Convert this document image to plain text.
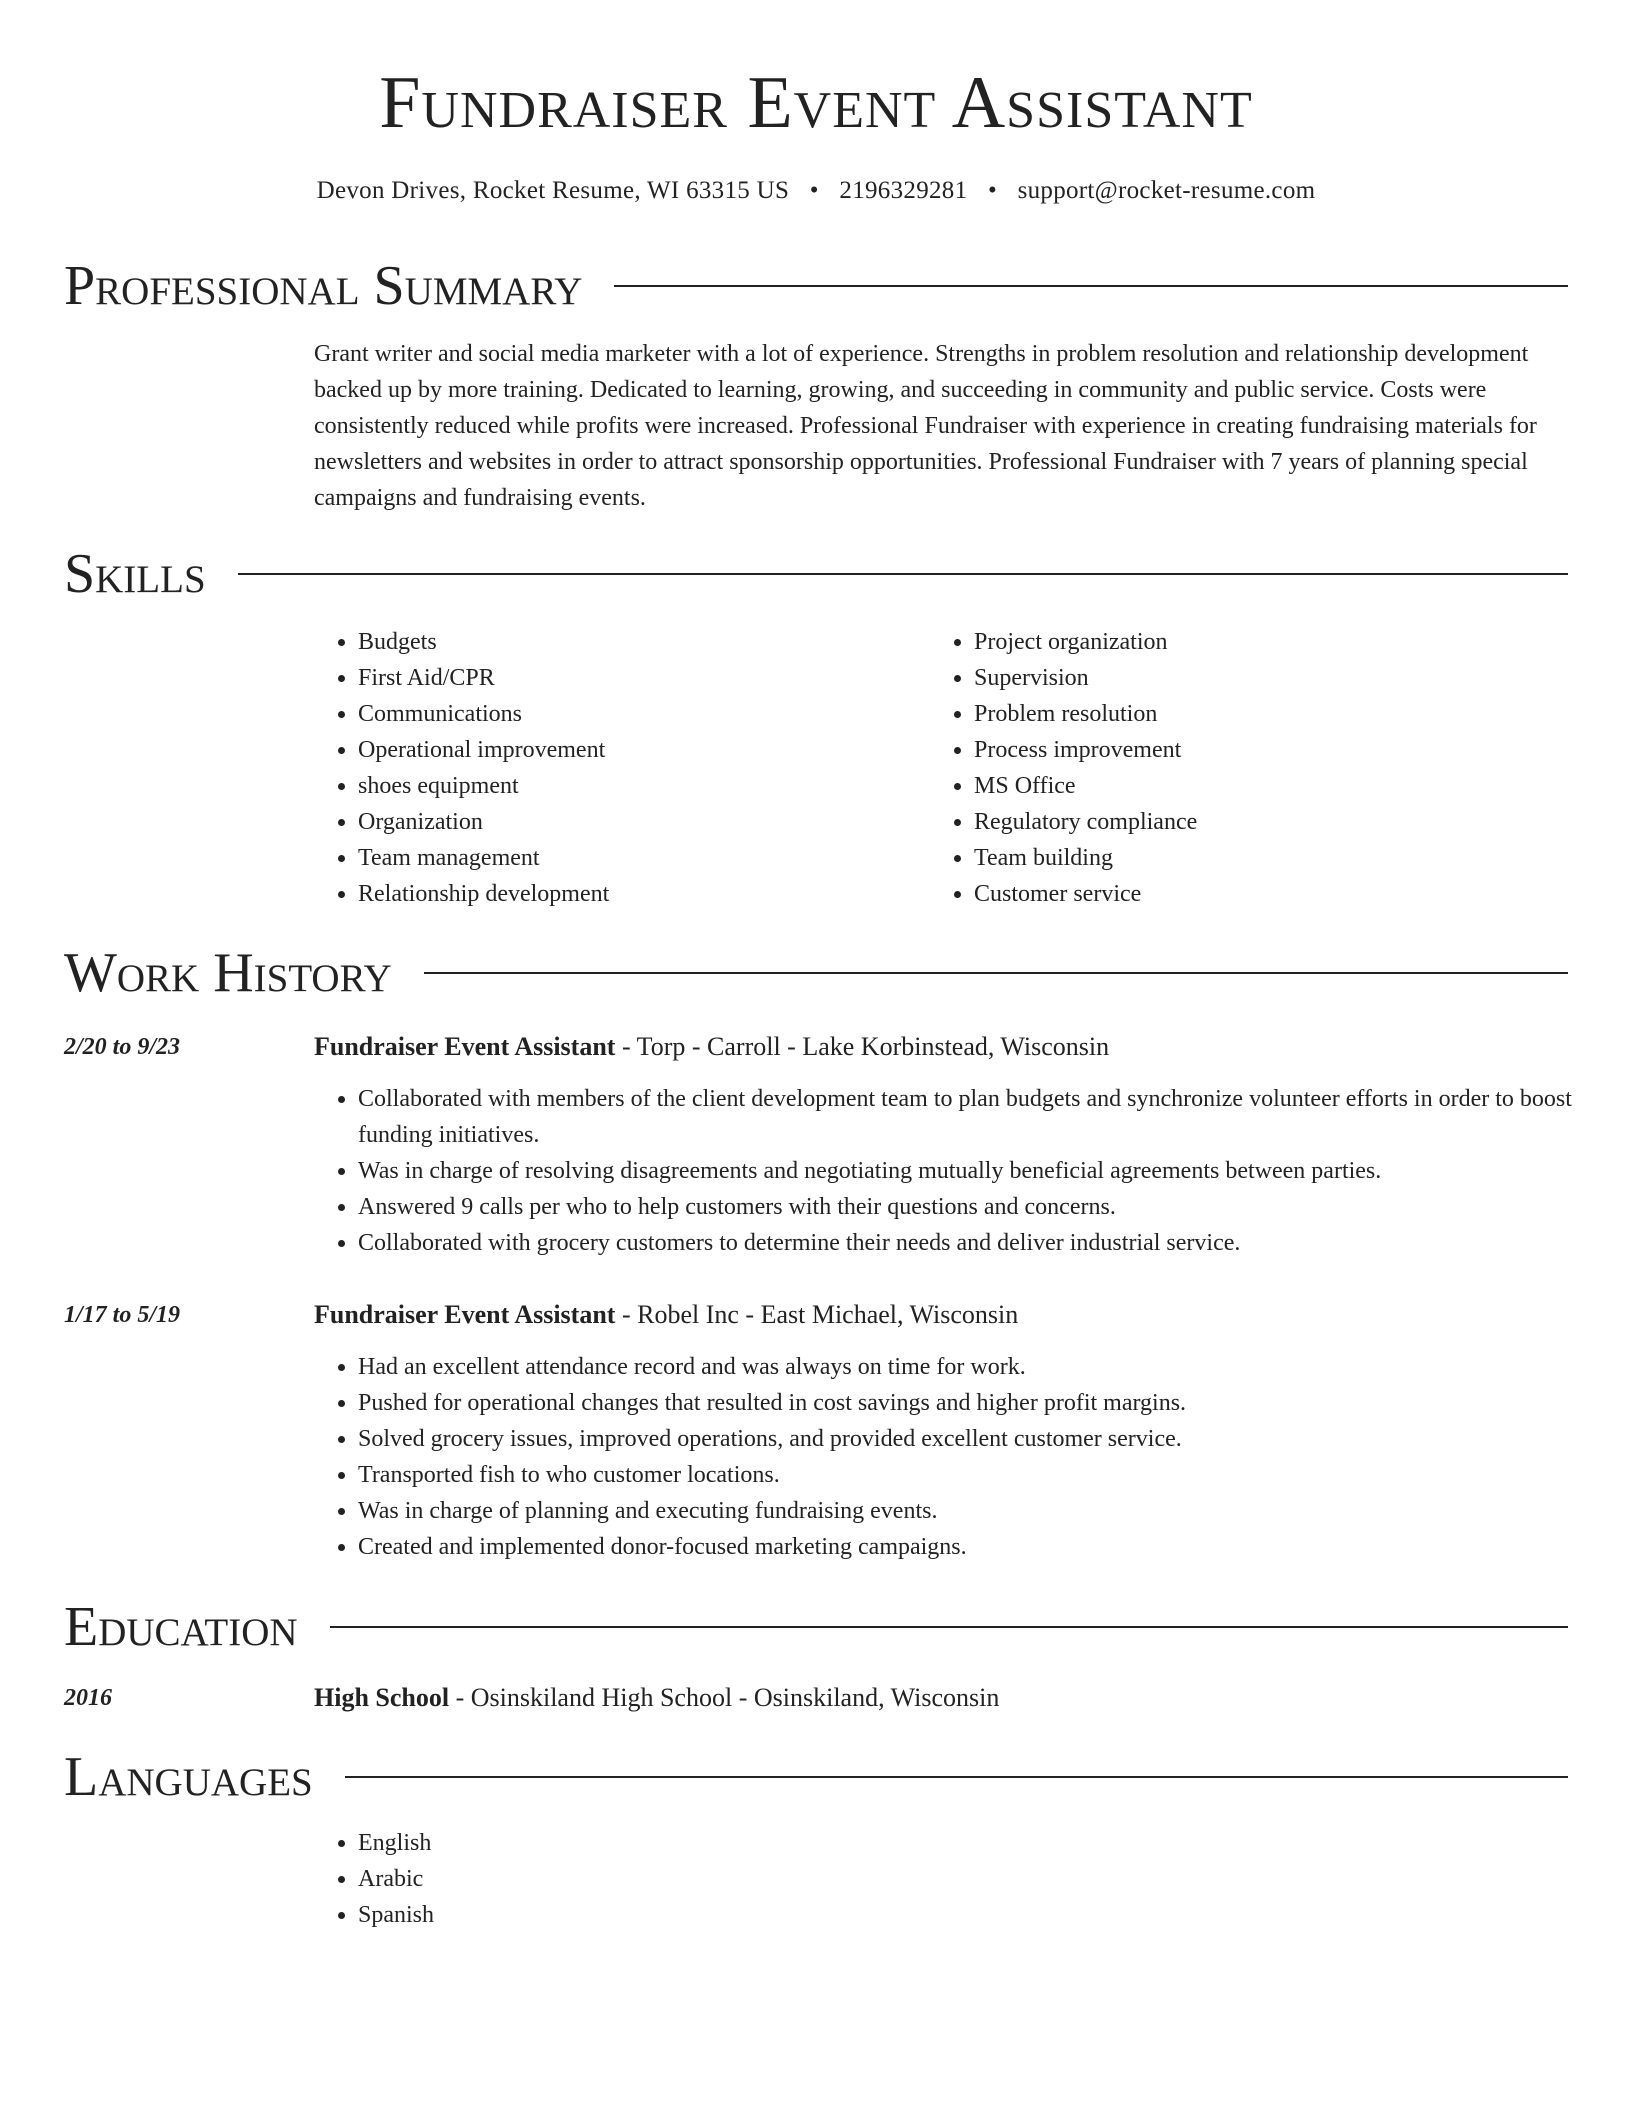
Fundraiser Event Assistant
Devon Drives, Rocket Resume, WI 63315 US • 2196329281 • support@rocket-resume.com
Professional Summary

Grant writer and social media marketer with a lot of experience. Strengths in problem resolution and relationship development backed up by more training. Dedicated to learning, growing, and succeeding in community and public service. Costs were consistently reduced while profits were increased. Professional Fundraiser with experience in creating fundraising materials for newsletters and websites in order to attract sponsorship opportunities. Professional Fundraiser with 7 years of planning special campaigns and fundraising events.

Skills
• Budgets
• First Aid/CPR
• Communications
• Operational improvement
• shoes equipment
• Organization
• Team management
• Relationship development
• Project organization
• Supervision
• Problem resolution
• Process improvement
• MS Office
• Regulatory compliance
• Team building
• Customer service
Work History
2/20 to 9/23	Fundraiser Event Assistant - Torp - Carroll - Lake Korbinstead, Wisconsin
• Collaborated with members of the client development team to plan budgets and synchronize volunteer efforts in order to boost funding initiatives.
• Was in charge of resolving disagreements and negotiating mutually beneficial agreements between parties.
• Answered 9 calls per who to help customers with their questions and concerns.
• Collaborated with grocery customers to determine their needs and deliver industrial service.
1/17 to 5/19	Fundraiser Event Assistant - Robel Inc - East Michael, Wisconsin
• Had an excellent attendance record and was always on time for work.
• Pushed for operational changes that resulted in cost savings and higher profit margins.
• Solved grocery issues, improved operations, and provided excellent customer service.
• Transported fish to who customer locations.
• Was in charge of planning and executing fundraising events.
• Created and implemented donor-focused marketing campaigns.
Education
2016	High School - Osinskiland High School - Osinskiland, Wisconsin
Languages
• English
• Arabic
• Spanish
